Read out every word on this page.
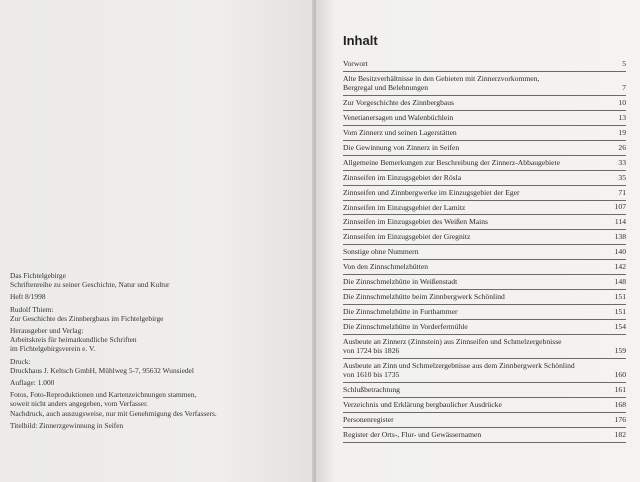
Das Fichtelgebirge
Schriftenreihe zu seiner Geschichte, Natur und Kultur
Heft 8/1998
Rudolf Thiem:
Zur Geschichte des Zinnbergbaus im Fichtelgebirge
Herausgeber und Verlag:
Arbeitskreis für heimatkundliche Schriften
im Fichtelgebirgsverein e. V.
Druck:
Druckhaus J. Keltsch GmbH, Mühlweg 5-7, 95632 Wunsiedel
Auflage: 1.000
Fotos, Foto-Reproduktionen und Kartenzeichnungen stammen,
soweit nicht anders angegeben, vom Verfasser.
Nachdruck, auch auszugsweise, nur mit Genehmigung des Verfassers.
Titelbild: Zinnerzgewinnung in Seifen
Inhalt
Vorwort	5
Alte Besitzverhältnisse in den Gebieten mit Zinnerzvorkommen,
Bergregal und Belehnungen	7
Zur Vorgeschichte des Zinnbergbaus	10
Venetianersagen und Walenbüchlein	13
Vom Zinnerz und seinen Lagerstätten	19
Die Gewinnung von Zinnerz in Seifen	26
Allgemeine Bemerkungen zur Beschreibung der Zinnerz-Abbaugebiete	33
Zinnseifen im Einzugsgebiet der Rösla	35
Zinnseifen und Zinnbergwerke im Einzugsgebiet der Eger	71
Zinnseifen im Einzugsgebiet der Lamitz	107
Zinnseifen im Einzugsgebiet des Weißen Mains	114
Zinnseifen im Einzugsgebiet der Gregnitz	138
Sonstige ohne Nummern	140
Von den Zinnschmelzhütten	142
Die Zinnschmelzhütte in Weißenstadt	148
Die Zinnschmelzhütte beim Zinnbergwerk Schönlind	151
Die Zinnschmelzhütte in Furthammer	151
Die Zinnschmelzhütte in Vorderfermühle	154
Ausbeute an Zinnerz (Zinnstein) aus Zinnseifen und Schmelzergebnisse
von 1724 bis 1826	159
Ausbeute an Zinn und Schmelzergebnisse aus dem Zinnbergwerk Schönlind
von 1610 bis 1735	160
Schlußbetrachtung	161
Verzeichnis und Erklärung bergbaulicher Ausdrücke	168
Personenregister	176
Register der Orts-, Flur- und Gewässernamen	182
